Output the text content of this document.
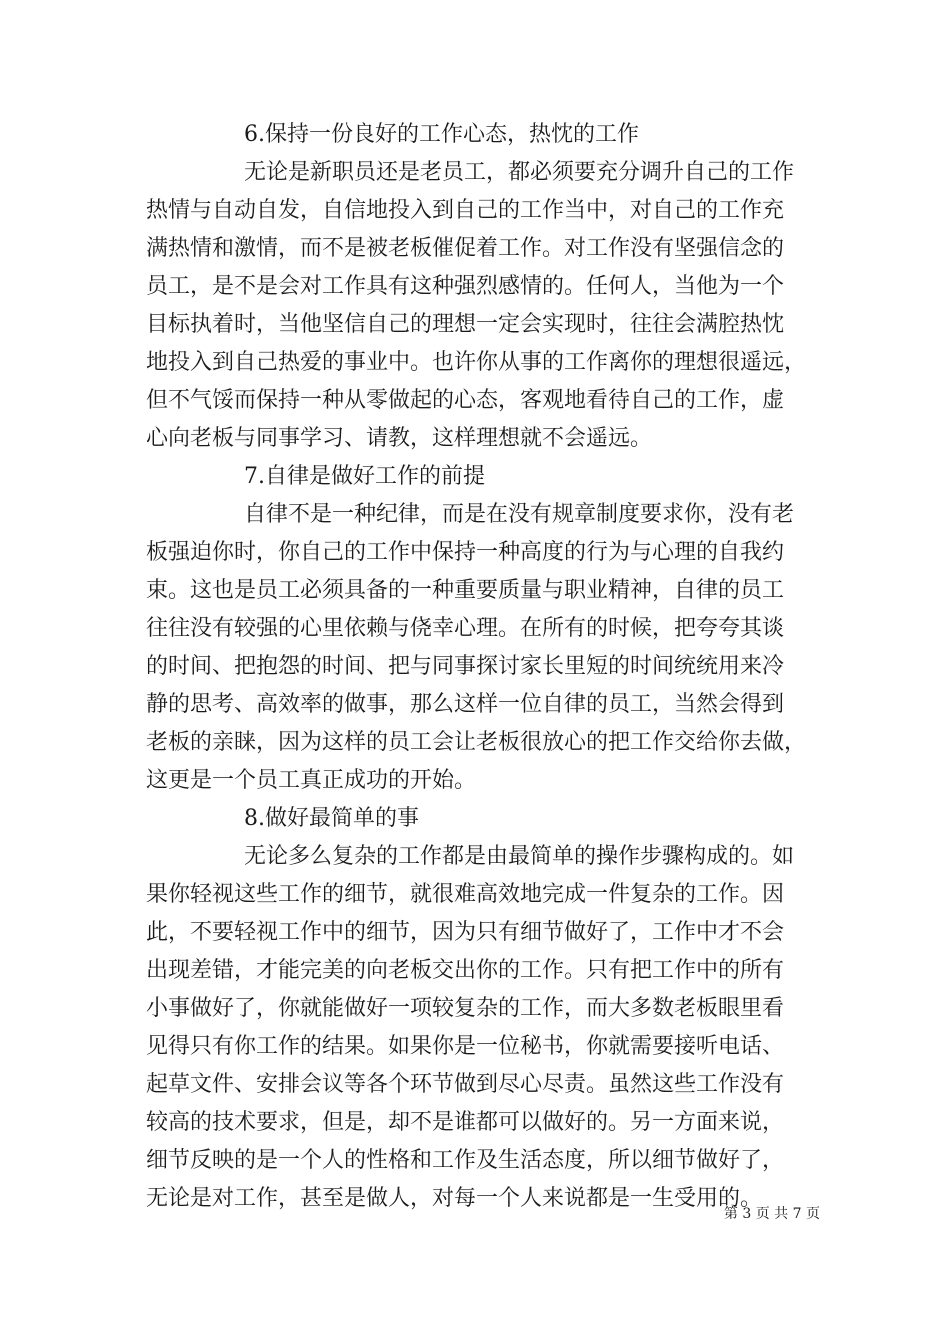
6.保持一份良好的工作心态，热忱的工作
无论是新职员还是老员工，都必须要充分调升自己的工作
热情与自动自发，自信地投入到自己的工作当中，对自己的工作充
满热情和激情，而不是被老板催促着工作。对工作没有坚强信念的
员工，是不是会对工作具有这种强烈感情的。任何人，当他为一个
目标执着时，当他坚信自己的理想一定会实现时，往往会满腔热忱
地投入到自己热爱的事业中。也许你从事的工作离你的理想很遥远，
但不气馁而保持一种从零做起的心态，客观地看待自己的工作，虚
心向老板与同事学习、请教，这样理想就不会遥远。
7.自律是做好工作的前提
自律不是一种纪律，而是在没有规章制度要求你，没有老
板强迫你时，你自己的工作中保持一种高度的行为与心理的自我约
束。这也是员工必须具备的一种重要质量与职业精神，自律的员工
往往没有较强的心里依赖与侥幸心理。在所有的时候，把夸夸其谈
的时间、把抱怨的时间、把与同事探讨家长里短的时间统统用来冷
静的思考、高效率的做事，那么这样一位自律的员工，当然会得到
老板的亲睐，因为这样的员工会让老板很放心的把工作交给你去做，
这更是一个员工真正成功的开始。
8.做好最简单的事
无论多么复杂的工作都是由最简单的操作步骤构成的。如
果你轻视这些工作的细节，就很难高效地完成一件复杂的工作。因
此，不要轻视工作中的细节，因为只有细节做好了，工作中才不会
出现差错，才能完美的向老板交出你的工作。只有把工作中的所有
小事做好了，你就能做好一项较复杂的工作，而大多数老板眼里看
见得只有你工作的结果。如果你是一位秘书，你就需要接听电话、
起草文件、安排会议等各个环节做到尽心尽责。虽然这些工作没有
较高的技术要求，但是，却不是谁都可以做好的。另一方面来说，
细节反映的是一个人的性格和工作及生活态度，所以细节做好了，
无论是对工作，甚至是做人，对每一个人来说都是一生受用的。
第 3 页 共 7 页
